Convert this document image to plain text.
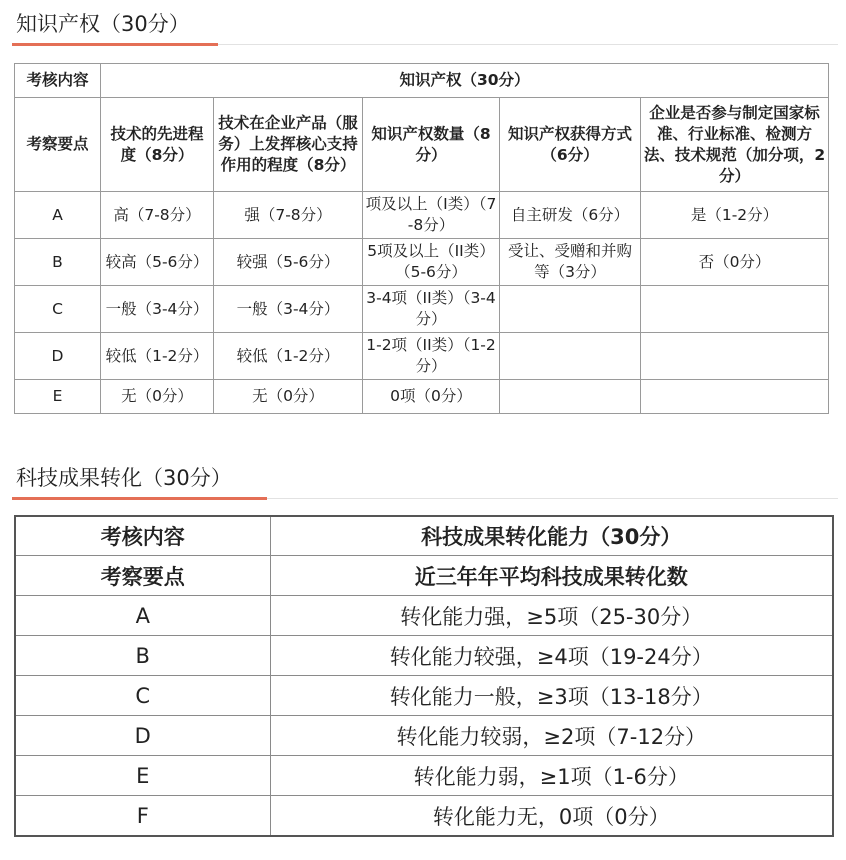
知识产权（30分）
考核内容	知识产权（30分）				
考察要点	技术的先进程度（8分）	技术在企业产品（服务）上发挥核心支持作用的程度（8分）	知识产权数量（8分）	知识产权获得方式（6分）	企业是否参与制定国家标准、行业标准、检测方法、技术规范（加分项，2分）
A	高（7-8分）	强（7-8分）	项及以上（I类）（7-8分）	自主研发（6分）	是（1-2分）
B	较高（5-6分）	较强（5-6分）	5项及以上（II类）（5-6分）	受让、受赠和并购等（3分）	否（0分）
C	一般（3-4分）	一般（3-4分）	3-4项（II类）（3-4分）		
D	较低（1-2分）	较低（1-2分）	1-2项（II类）（1-2分）		
E	无（0分）	无（0分）	0项（0分）		
科技成果转化（30分）
考核内容	科技成果转化能力（30分）
考察要点	近三年年平均科技成果转化数
A	转化能力强，≥5项（25-30分）
B	转化能力较强，≥4项（19-24分）
C	转化能力一般，≥3项（13-18分）
D	转化能力较弱，≥2项（7-12分）
E	转化能力弱，≥1项（1-6分）
F	转化能力无，0项（0分）
